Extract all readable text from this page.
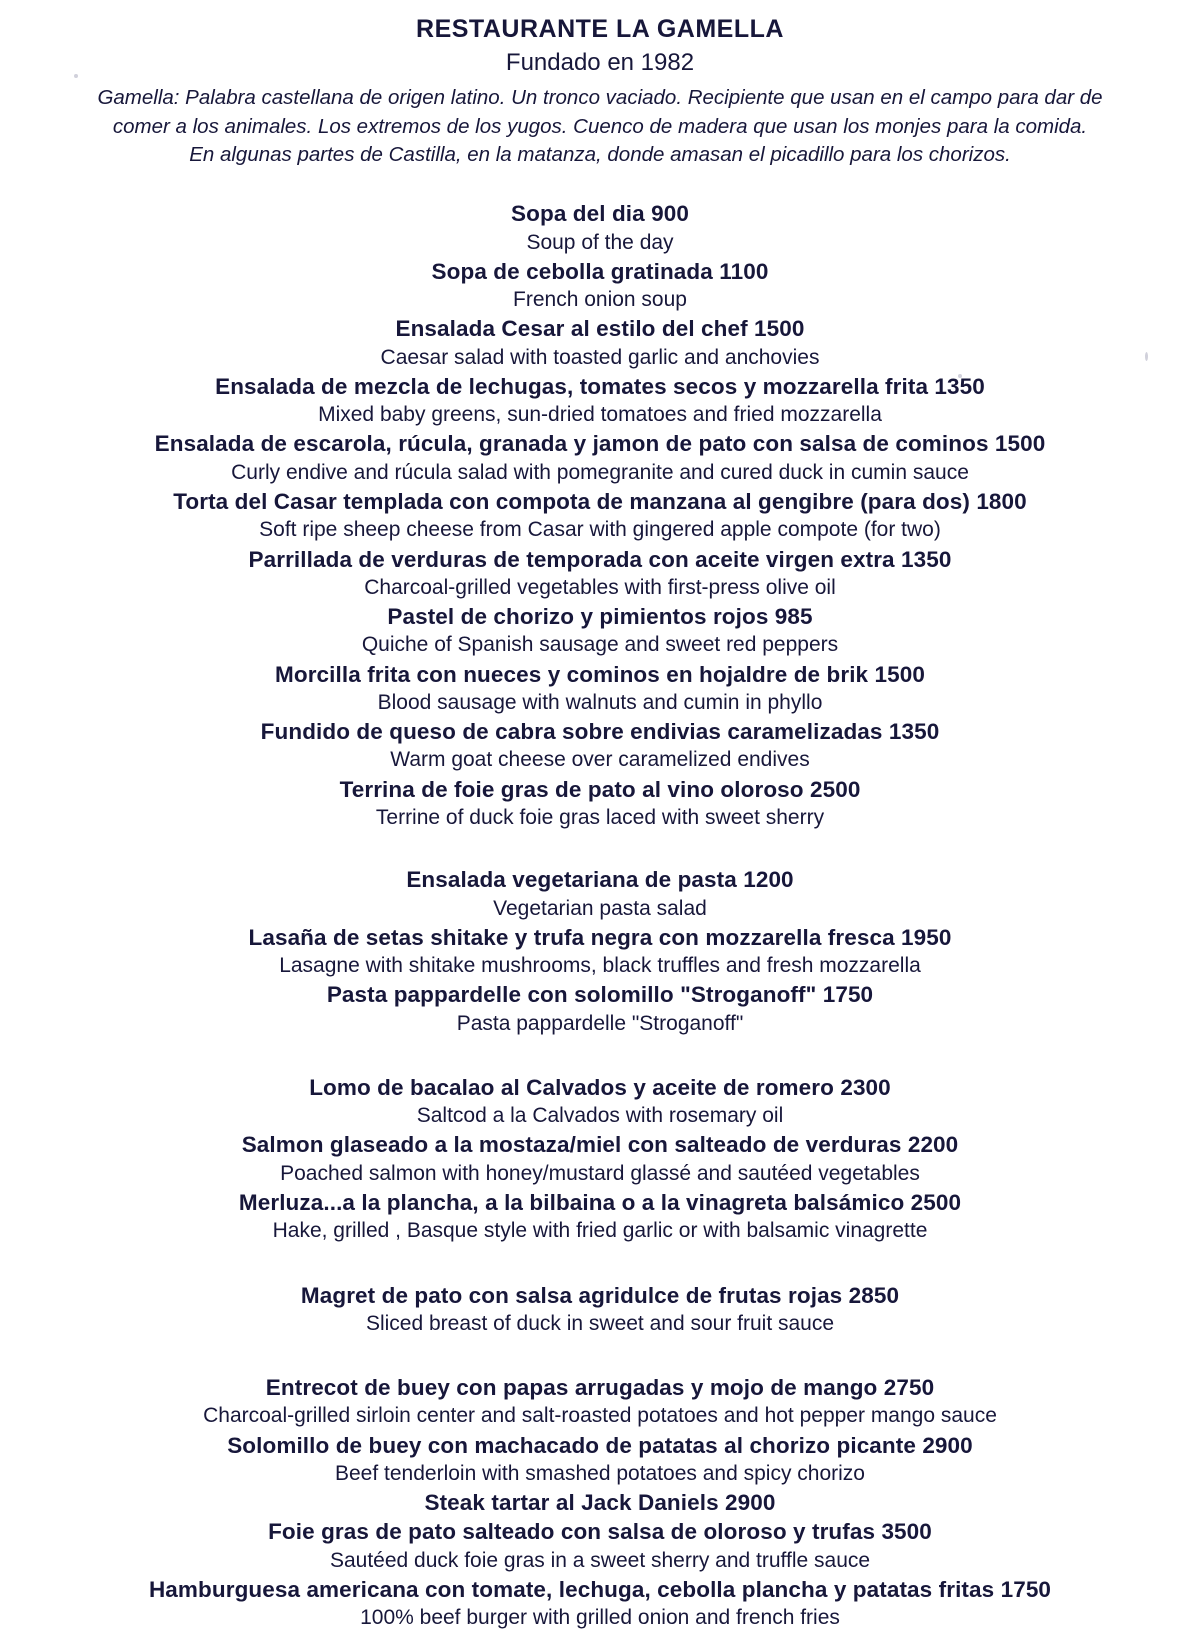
RESTAURANTE LA GAMELLA
Fundado en 1982
Gamella: Palabra castellana de origen latino. Un tronco vaciado. Recipiente que usan en el campo para dar de
comer a los animales. Los extremos de los yugos. Cuenco de madera que usan los monjes para la comida.
En algunas partes de Castilla, en la matanza, donde amasan el picadillo para los chorizos.
Sopa del dia 900
Soup of the day
Sopa de cebolla gratinada 1100
French onion soup
Ensalada Cesar al estilo del chef 1500
Caesar salad with toasted garlic and anchovies
Ensalada de mezcla de lechugas, tomates secos y mozzarella frita 1350
Mixed baby greens, sun-dried tomatoes and fried mozzarella
Ensalada de escarola, rúcula, granada y jamon de pato con salsa de cominos 1500
Curly endive and rúcula salad with pomegranite and cured duck in cumin sauce
Torta del Casar templada con compota de manzana al gengibre (para dos) 1800
Soft ripe sheep cheese from Casar with gingered apple compote (for two)
Parrillada de verduras de temporada con aceite virgen extra 1350
Charcoal-grilled vegetables with first-press olive oil
Pastel de chorizo y pimientos rojos 985
Quiche of Spanish sausage and sweet red peppers
Morcilla frita con nueces y cominos en hojaldre de brik 1500
Blood sausage with walnuts and cumin in phyllo
Fundido de queso de cabra sobre endivias caramelizadas 1350
Warm goat cheese over caramelized endives
Terrina de foie gras de pato al vino oloroso 2500
Terrine of duck foie gras laced with sweet sherry
Ensalada vegetariana de pasta 1200
Vegetarian pasta salad
Lasaña de setas shitake y trufa negra con mozzarella fresca 1950
Lasagne with shitake mushrooms, black truffles and fresh mozzarella
Pasta pappardelle con solomillo "Stroganoff" 1750
Pasta pappardelle "Stroganoff"
Lomo de bacalao al Calvados y aceite de romero 2300
Saltcod a la Calvados with rosemary oil
Salmon glaseado a la mostaza/miel con salteado de verduras 2200
Poached salmon with honey/mustard glassé and sautéed vegetables
Merluza...a la plancha, a la bilbaina o a la vinagreta balsámico 2500
Hake, grilled , Basque style with fried garlic or with balsamic vinagrette
Magret de pato con salsa agridulce de frutas rojas 2850
Sliced breast of duck in sweet and sour fruit sauce
Entrecot de buey con papas arrugadas y mojo de mango 2750
Charcoal-grilled sirloin center and salt-roasted potatoes and hot pepper mango sauce
Solomillo de buey con machacado de patatas al chorizo picante 2900
Beef tenderloin with smashed potatoes and spicy chorizo
Steak tartar al Jack Daniels 2900
Foie gras de pato salteado con salsa de oloroso y trufas 3500
Sautéed duck foie gras in a sweet sherry and truffle sauce
Hamburguesa americana con tomate, lechuga, cebolla plancha y patatas fritas 1750
100% beef burger with grilled onion and french fries
